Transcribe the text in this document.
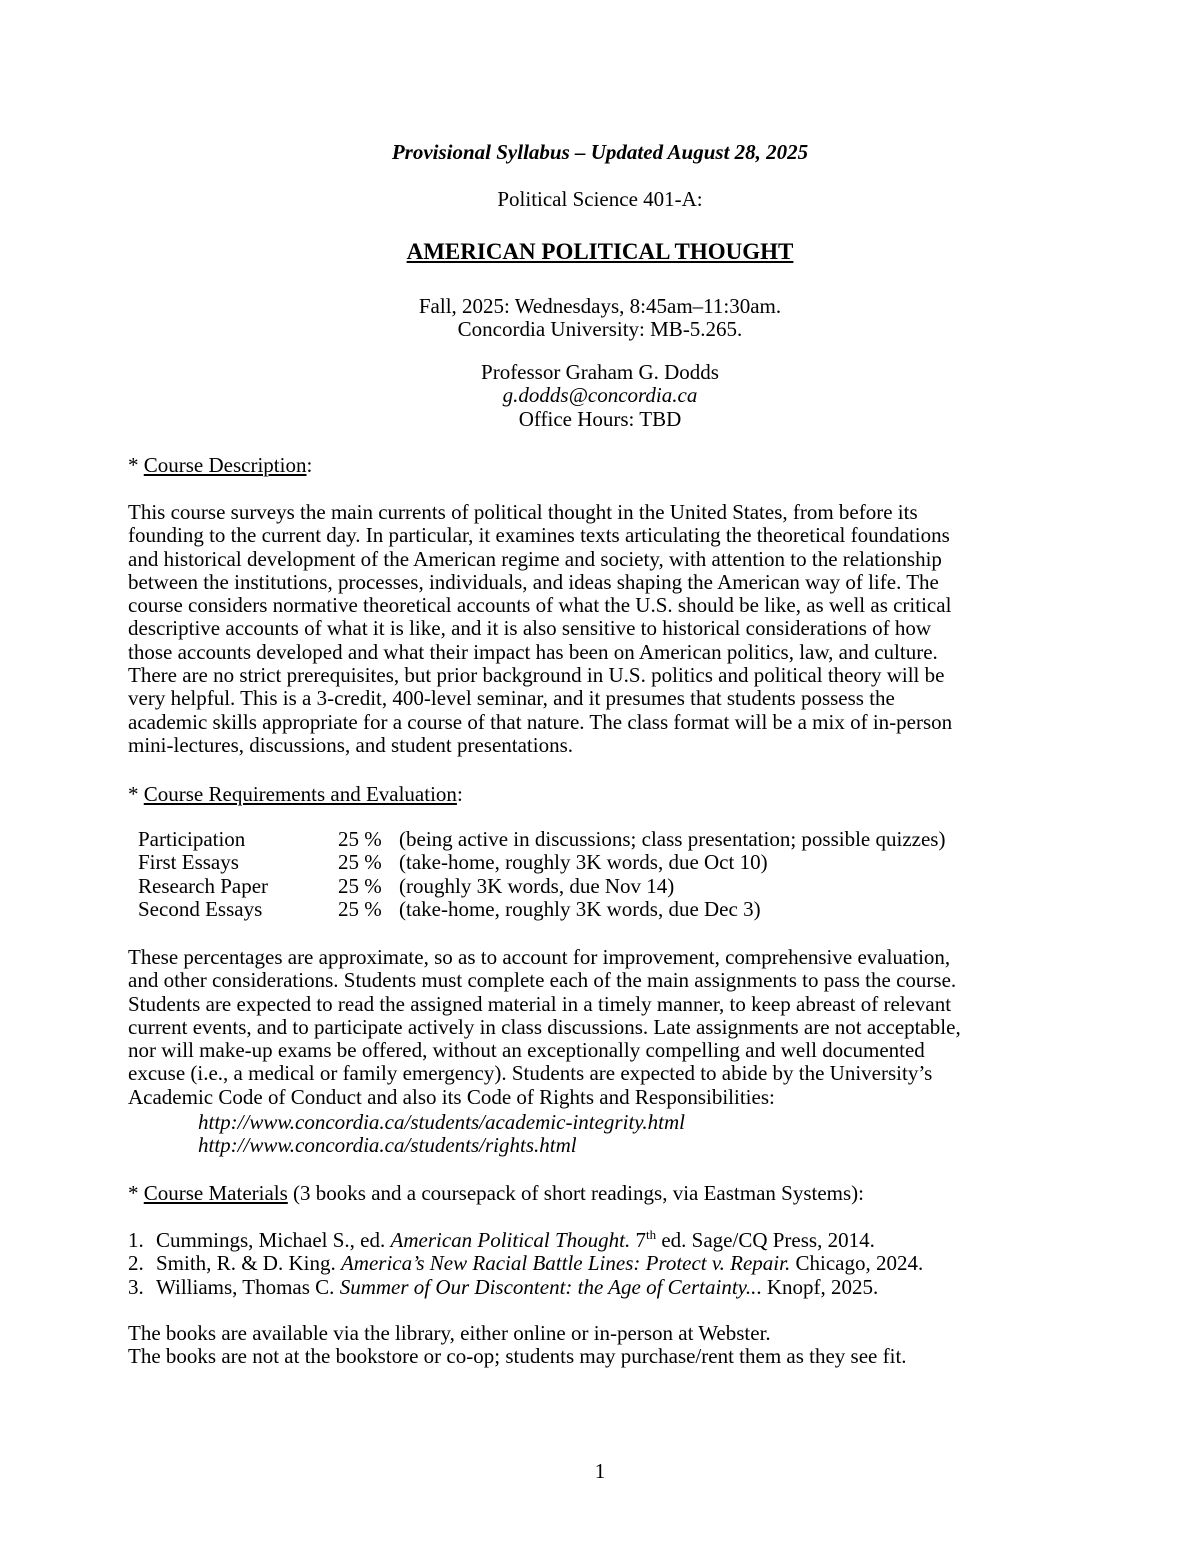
Provisional Syllabus – Updated August 28, 2025
Political Science 401-A:
AMERICAN POLITICAL THOUGHT
Fall, 2025: Wednesdays, 8:45am–11:30am.
Concordia University: MB-5.265.
Professor Graham G. Dodds
g.dodds@concordia.ca
Office Hours: TBD
* Course Description:
This course surveys the main currents of political thought in the United States, from before its
founding to the current day. In particular, it examines texts articulating the theoretical foundations
and historical development of the American regime and society, with attention to the relationship
between the institutions, processes, individuals, and ideas shaping the American way of life. The
course considers normative theoretical accounts of what the U.S. should be like, as well as critical
descriptive accounts of what it is like, and it is also sensitive to historical considerations of how
those accounts developed and what their impact has been on American politics, law, and culture.
There are no strict prerequisites, but prior background in U.S. politics and political theory will be
very helpful. This is a 3-credit, 400-level seminar, and it presumes that students possess the
academic skills appropriate for a course of that nature. The class format will be a mix of in-person
mini-lectures, discussions, and student presentations.
* Course Requirements and Evaluation:
Participation	25 %	(being active in discussions; class presentation; possible quizzes)
First Essays	25 %	(take-home, roughly 3K words, due Oct 10)
Research Paper	25 %	(roughly 3K words, due Nov 14)
Second Essays	25 %	(take-home, roughly 3K words, due Dec 3)
These percentages are approximate, so as to account for improvement, comprehensive evaluation,
and other considerations. Students must complete each of the main assignments to pass the course.
Students are expected to read the assigned material in a timely manner, to keep abreast of relevant
current events, and to participate actively in class discussions. Late assignments are not acceptable,
nor will make-up exams be offered, without an exceptionally compelling and well documented
excuse (i.e., a medical or family emergency). Students are expected to abide by the University’s
Academic Code of Conduct and also its Code of Rights and Responsibilities:
http://www.concordia.ca/students/academic-integrity.html
http://www.concordia.ca/students/rights.html
* Course Materials (3 books and a coursepack of short readings, via Eastman Systems):
1. Cummings, Michael S., ed. American Political Thought. 7th ed. Sage/CQ Press, 2014.
2. Smith, R. & D. King. America’s New Racial Battle Lines: Protect v. Repair. Chicago, 2024.
3. Williams, Thomas C. Summer of Our Discontent: the Age of Certainty... Knopf, 2025.
The books are available via the library, either online or in-person at Webster.
The books are not at the bookstore or co-op; students may purchase/rent them as they see fit.
1
